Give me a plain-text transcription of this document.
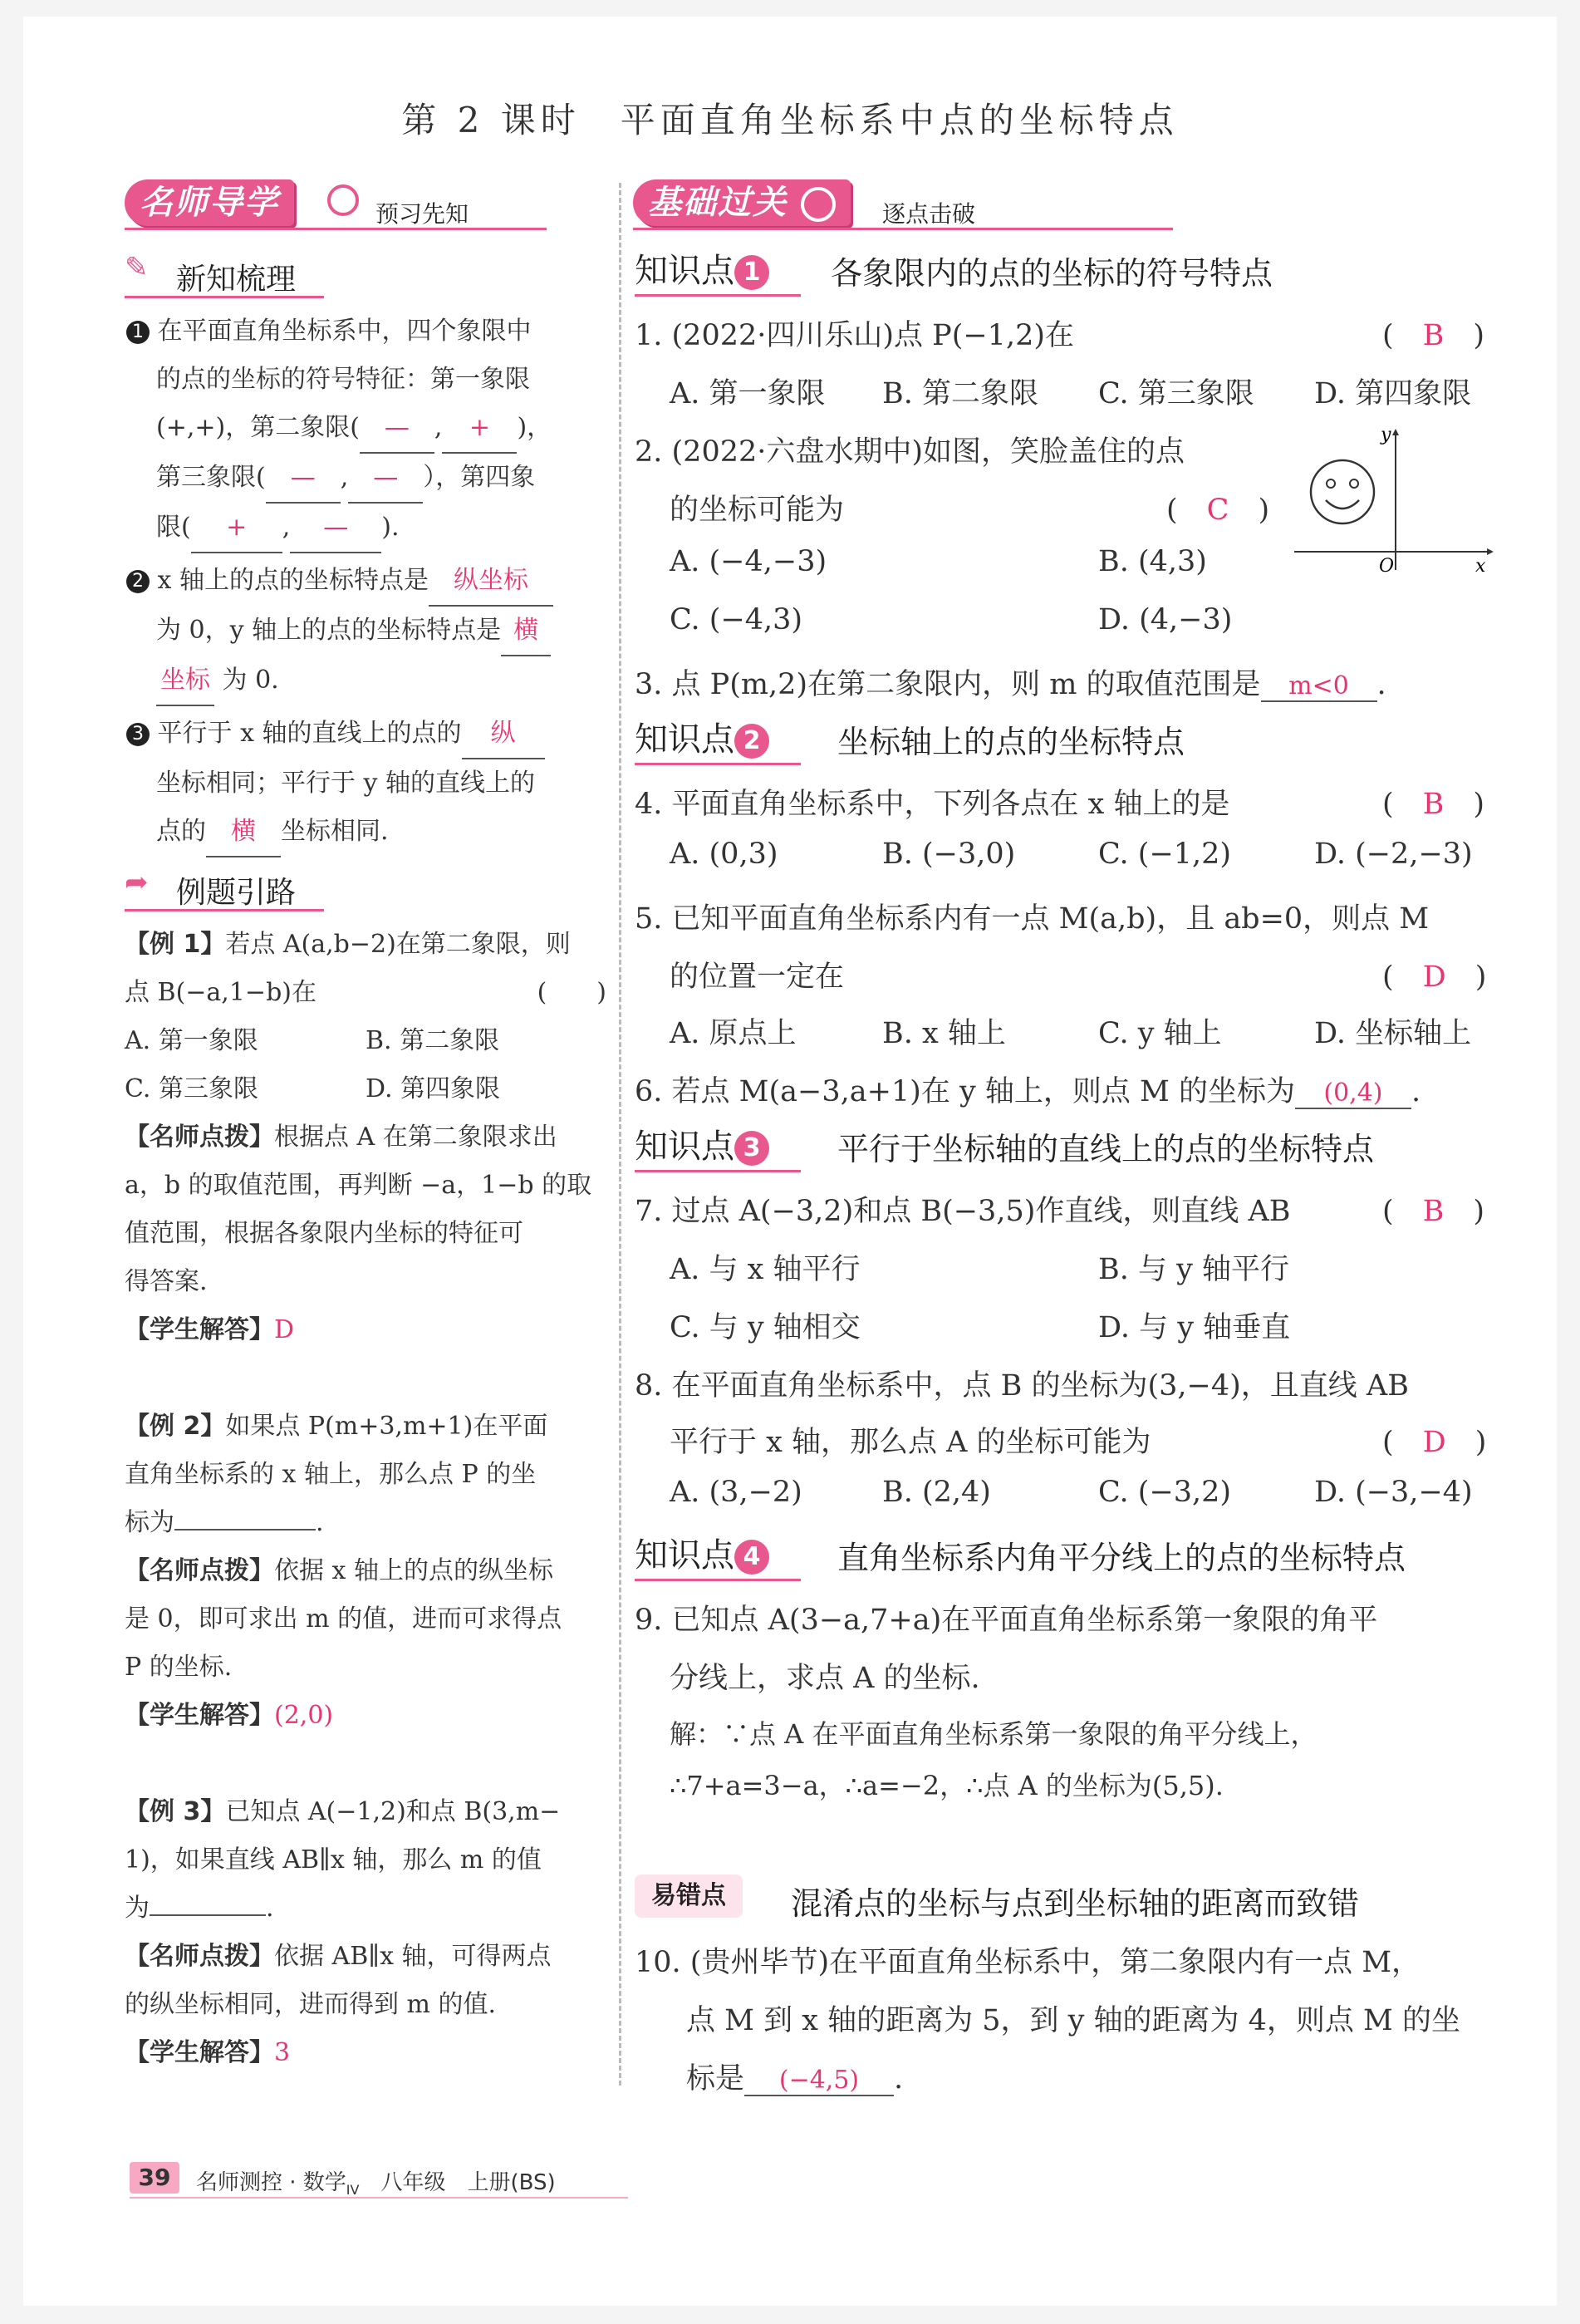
第 2 课时　平面直角坐标系中点的坐标特点
名师导学	预习先知
✎ 新知梳理
1 在平面直角坐标系中，四个象限中
的点的坐标的符号特征：第一象限
(+,+)，第二象限( — , + )，
第三象限( — , — ），第四象
限( + , — ).
2 x 轴上的点的坐标特点是 纵坐标
为 0，y 轴上的点的坐标特点是 横
坐标 为 0.
3 平行于 x 轴的直线上的点的 纵
坐标相同；平行于 y 轴的直线上的
点的 横 坐标相同.
➦ 例题引路
【例 1】若点 A(a,b−2)在第二象限，则
点 B(−a,1−b)在	(　　)
A. 第一象限	B. 第二象限
C. 第三象限	D. 第四象限
【名师点拨】根据点 A 在第二象限求出
a，b 的取值范围，再判断 −a，1−b 的取
值范围，根据各象限内坐标的特征可
得答案.
【学生解答】D
【例 2】如果点 P(m+3,m+1)在平面
直角坐标系的 x 轴上，那么点 P 的坐
标为	.
【名师点拨】依据 x 轴上的点的纵坐标
是 0，即可求出 m 的值，进而可求得点
P 的坐标.
【学生解答】(2,0)
【例 3】已知点 A(−1,2)和点 B(3,m−
1)，如果直线 AB∥x 轴，那么 m 的值
为	.
【名师点拨】依据 AB∥x 轴，可得两点
的纵坐标相同，进而得到 m 的值.
【学生解答】3
基础过关	逐点击破
知识点 1 各象限内的点的坐标的符号特点
1. (2022·四川乐山)点 P(−1,2)在	(　B　)
A. 第一象限 B. 第二象限 C. 第三象限 D. 第四象限
2. (2022·六盘水期中)如图，笑脸盖住的点
的坐标可能为	(　C　)
A. (−4,−3)	B. (4,3)
C. (−4,3)	D. (4,−3)
y
x
O
3. 点 P(m,2)在第二象限内，则 m 的取值范围是 m<0 .
知识点 2 坐标轴上的点的坐标特点
4. 平面直角坐标系中，下列各点在 x 轴上的是	(　B　)
A. (0,3)	B. (−3,0)	C. (−1,2)	D. (−2,−3)
5. 已知平面直角坐标系内有一点 M(a,b)，且 ab=0，则点 M
的位置一定在	(　D　)
A. 原点上	B. x 轴上	C. y 轴上	D. 坐标轴上
6. 若点 M(a−3,a+1)在 y 轴上，则点 M 的坐标为 (0,4) .
知识点 3 平行于坐标轴的直线上的点的坐标特点
7. 过点 A(−3,2)和点 B(−3,5)作直线，则直线 AB	(　B　)
A. 与 x 轴平行	B. 与 y 轴平行
C. 与 y 轴相交	D. 与 y 轴垂直
8. 在平面直角坐标系中，点 B 的坐标为(3,−4)，且直线 AB
平行于 x 轴，那么点 A 的坐标可能为	(　D　)
A. (3,−2)	B. (2,4)	C. (−3,2)	D. (−3,−4)
知识点 4 直角坐标系内角平分线上的点的坐标特点
9. 已知点 A(3−a,7+a)在平面直角坐标系第一象限的角平
分线上，求点 A 的坐标.
解：∵点 A 在平面直角坐标系第一象限的角平分线上，
∴7+a=3−a，∴a=−2，∴点 A 的坐标为(5,5).
易错点	混淆点的坐标与点到坐标轴的距离而致错
10. (贵州毕节)在平面直角坐标系中，第二象限内有一点 M，
点 M 到 x 轴的距离为 5，到 y 轴的距离为 4，则点 M 的坐
标是 (−4,5) .
39	名师测控 · 数学$_{IV}$　 八年级　上册(BS)
